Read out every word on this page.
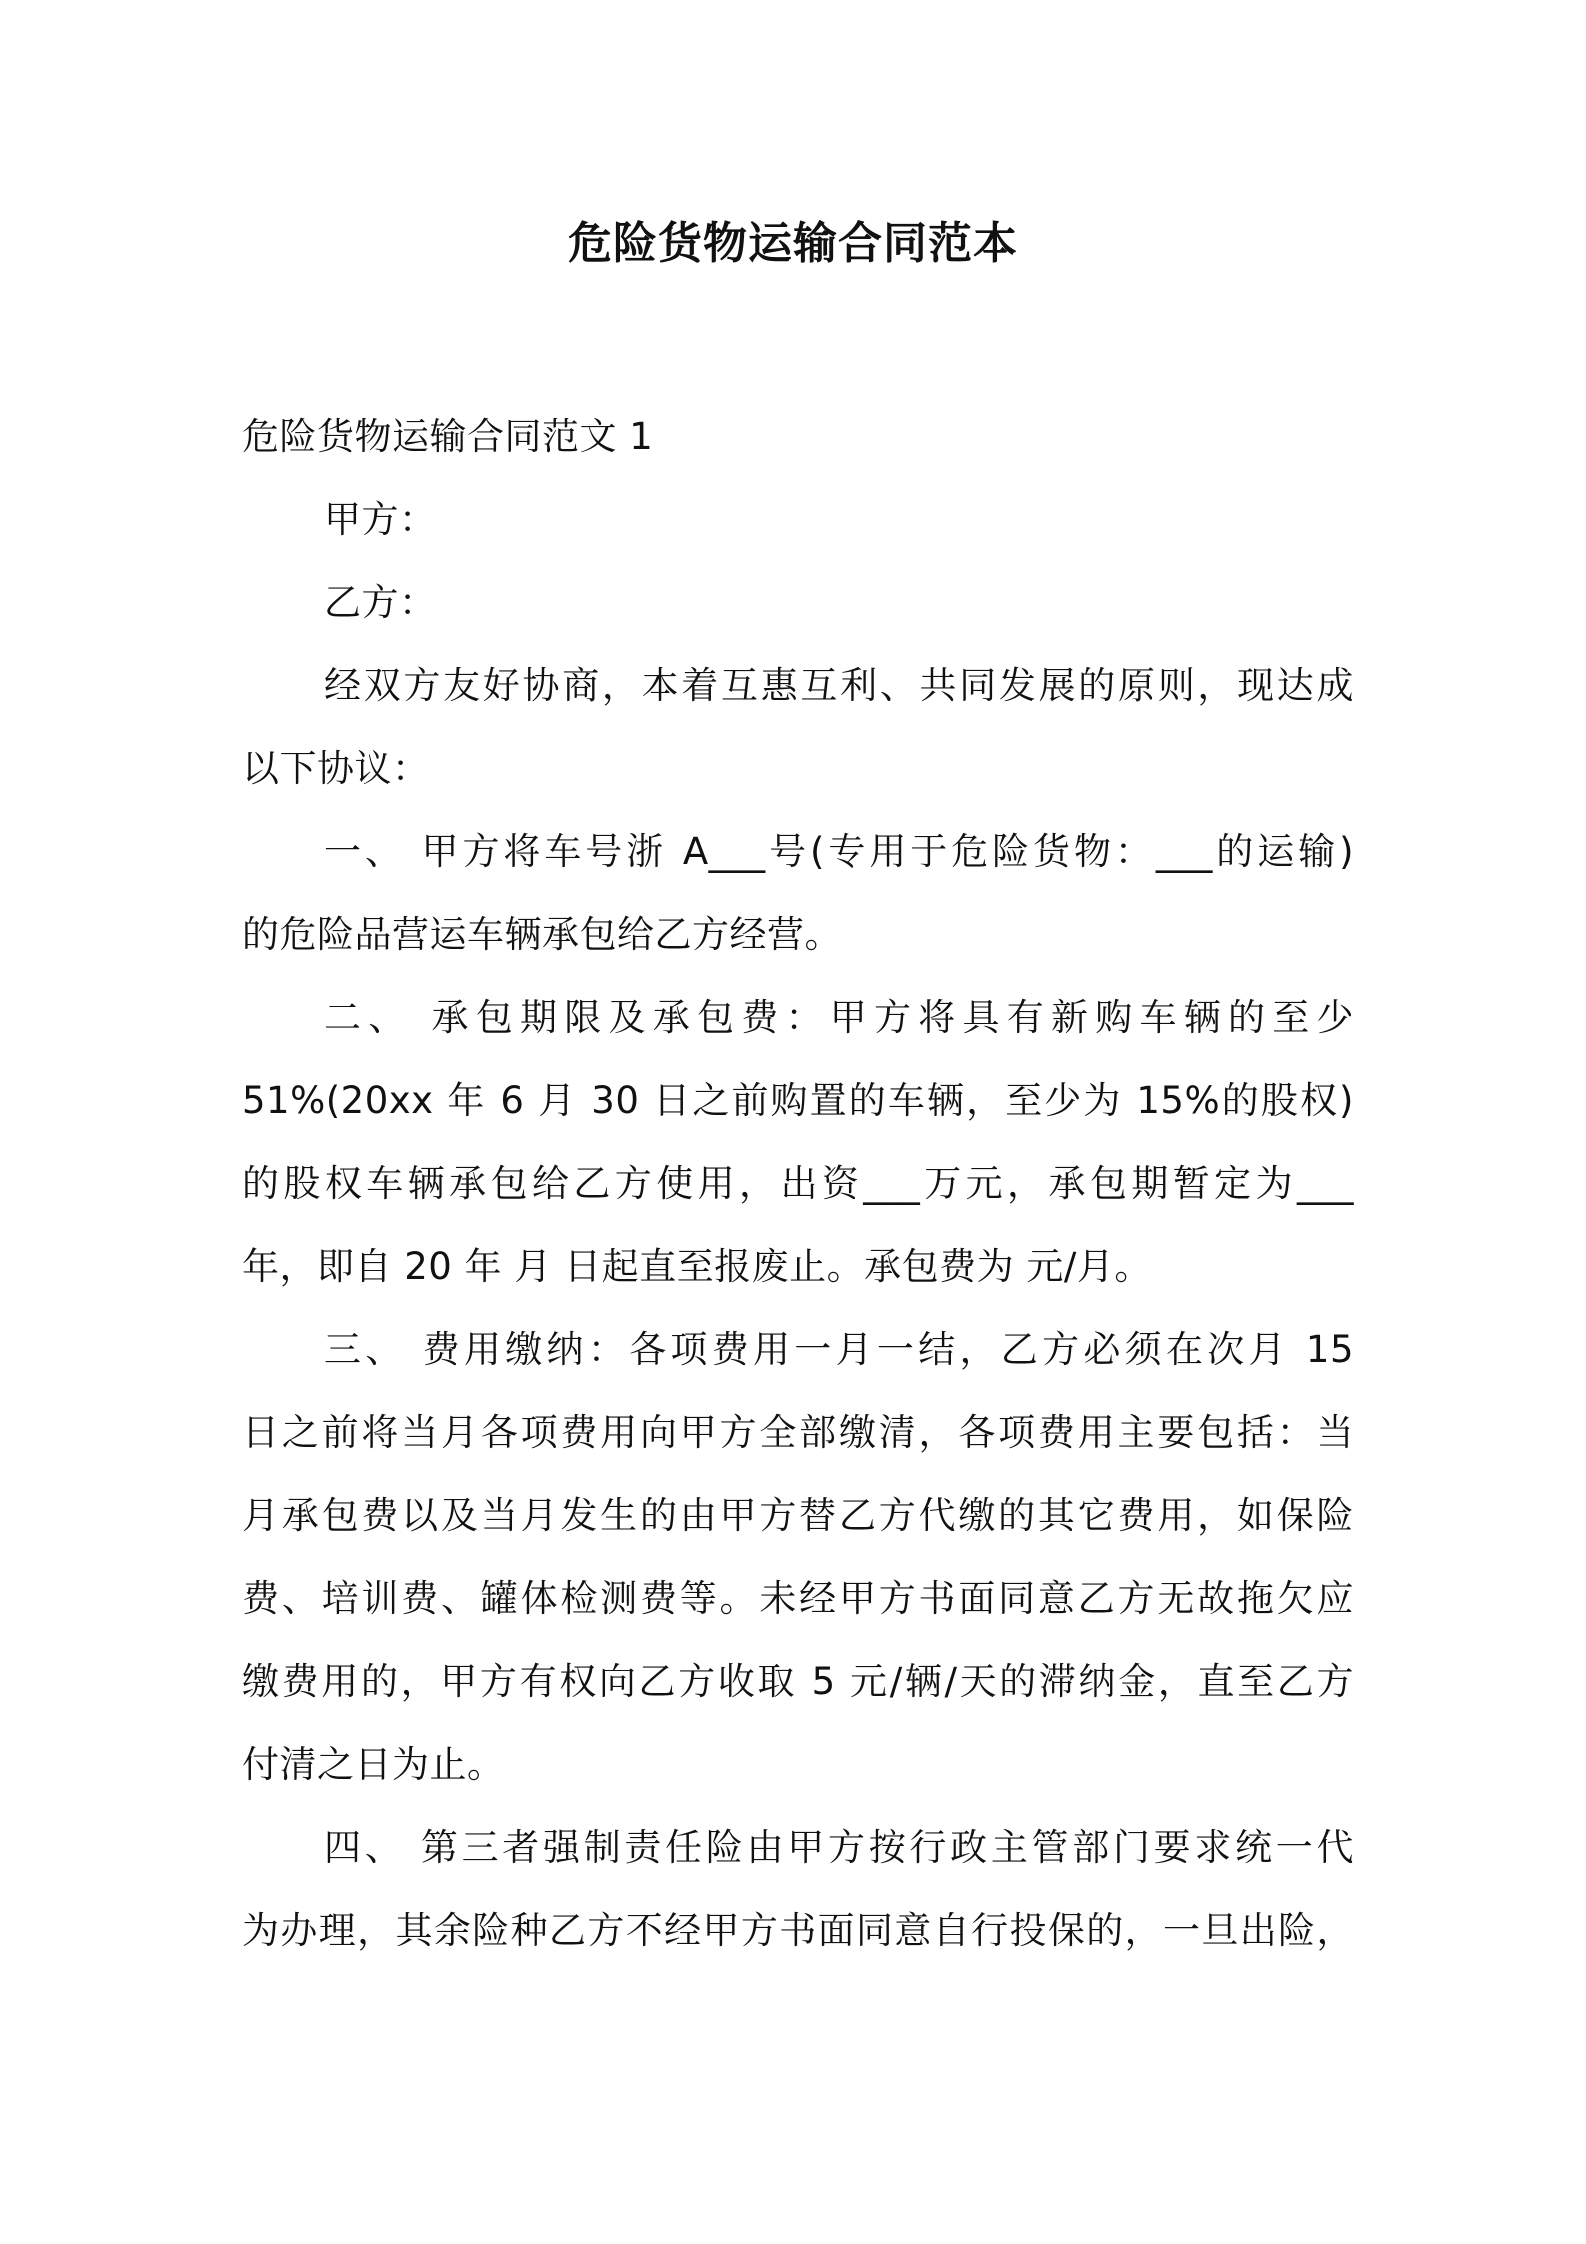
危险货物运输合同范本
危险货物运输合同范文 1
甲方：
乙方：
经双方友好协商，本着互惠互利、共同发展的原则，现达成
以下协议：
一、 甲方将车号浙 A___号(专用于危险货物：___的运输)
的危险品营运车辆承包给乙方经营。
二、 承包期限及承包费：甲方将具有新购车辆的至少
51%(20xx 年 6 月 30 日之前购置的车辆，至少为 15%的股权)
的股权车辆承包给乙方使用，出资___万元，承包期暂定为___
年，即自 20 年 月 日起直至报废止。承包费为 元/月。
三、 费用缴纳：各项费用一月一结，乙方必须在次月 15
日之前将当月各项费用向甲方全部缴清，各项费用主要包括：当
月承包费以及当月发生的由甲方替乙方代缴的其它费用，如保险
费、培训费、罐体检测费等。未经甲方书面同意乙方无故拖欠应
缴费用的，甲方有权向乙方收取 5 元/辆/天的滞纳金，直至乙方
付清之日为止。
四、 第三者强制责任险由甲方按行政主管部门要求统一代
为办理，其余险种乙方不经甲方书面同意自行投保的，一旦出险，
